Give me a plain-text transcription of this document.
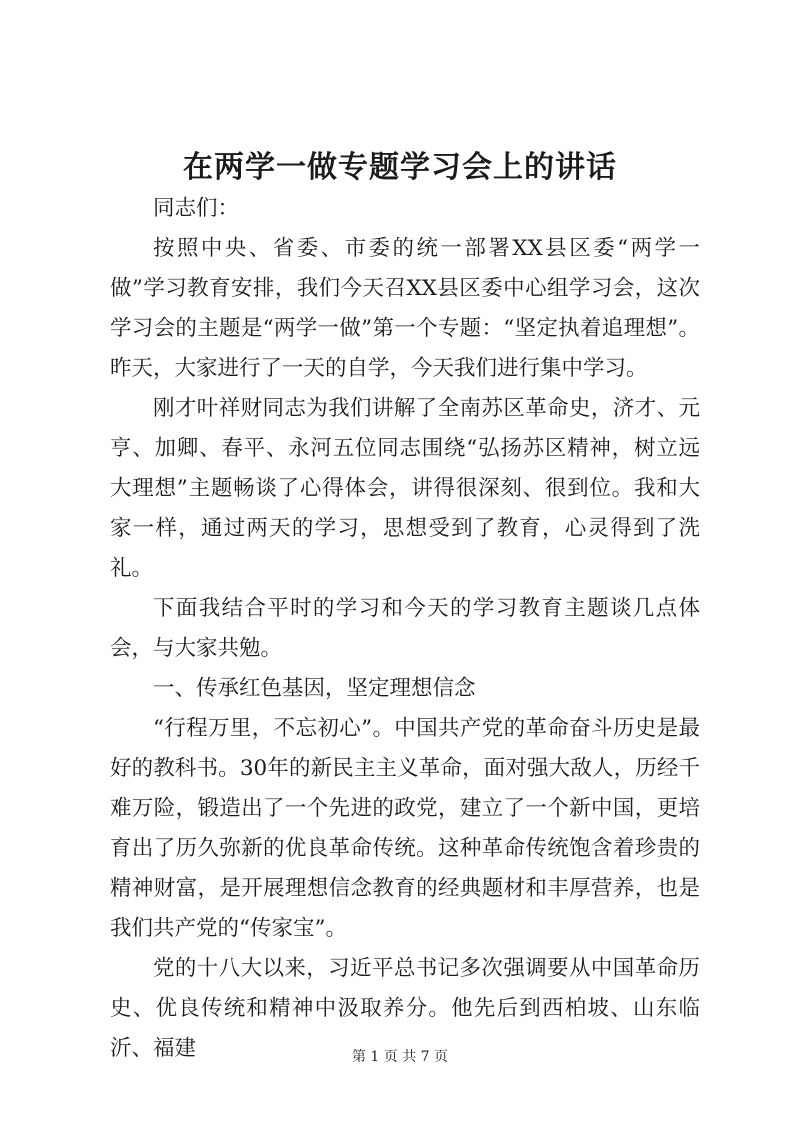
在两学一做专题学习会上的讲话

同志们：

按照中央、省委、市委的统一部署XX县区委“两学一做”学习教育安排，我们今天召XX县区委中心组学习会，这次学习会的主题是“两学一做”第一个专题：“坚定执着追理想”。昨天，大家进行了一天的自学，今天我们进行集中学习。

刚才叶祥财同志为我们讲解了全南苏区革命史，济才、元亨、加卿、春平、永河五位同志围绕“弘扬苏区精神，树立远大理想”主题畅谈了心得体会，讲得很深刻、很到位。我和大家一样，通过两天的学习，思想受到了教育，心灵得到了洗礼。

下面我结合平时的学习和今天的学习教育主题谈几点体会，与大家共勉。

一、传承红色基因，坚定理想信念

“行程万里，不忘初心”。中国共产党的革命奋斗历史是最好的教科书。30年的新民主主义革命，面对强大敌人，历经千难万险，锻造出了一个先进的政党，建立了一个新中国，更培育出了历久弥新的优良革命传统。这种革命传统饱含着珍贵的精神财富，是开展理想信念教育的经典题材和丰厚营养，也是我们共产党的“传家宝”。

党的十八大以来，习近平总书记多次强调要从中国革命历史、优良传统和精神中汲取养分。他先后到西柏坡、山东临沂、福建	第 1 页 共 7 页
